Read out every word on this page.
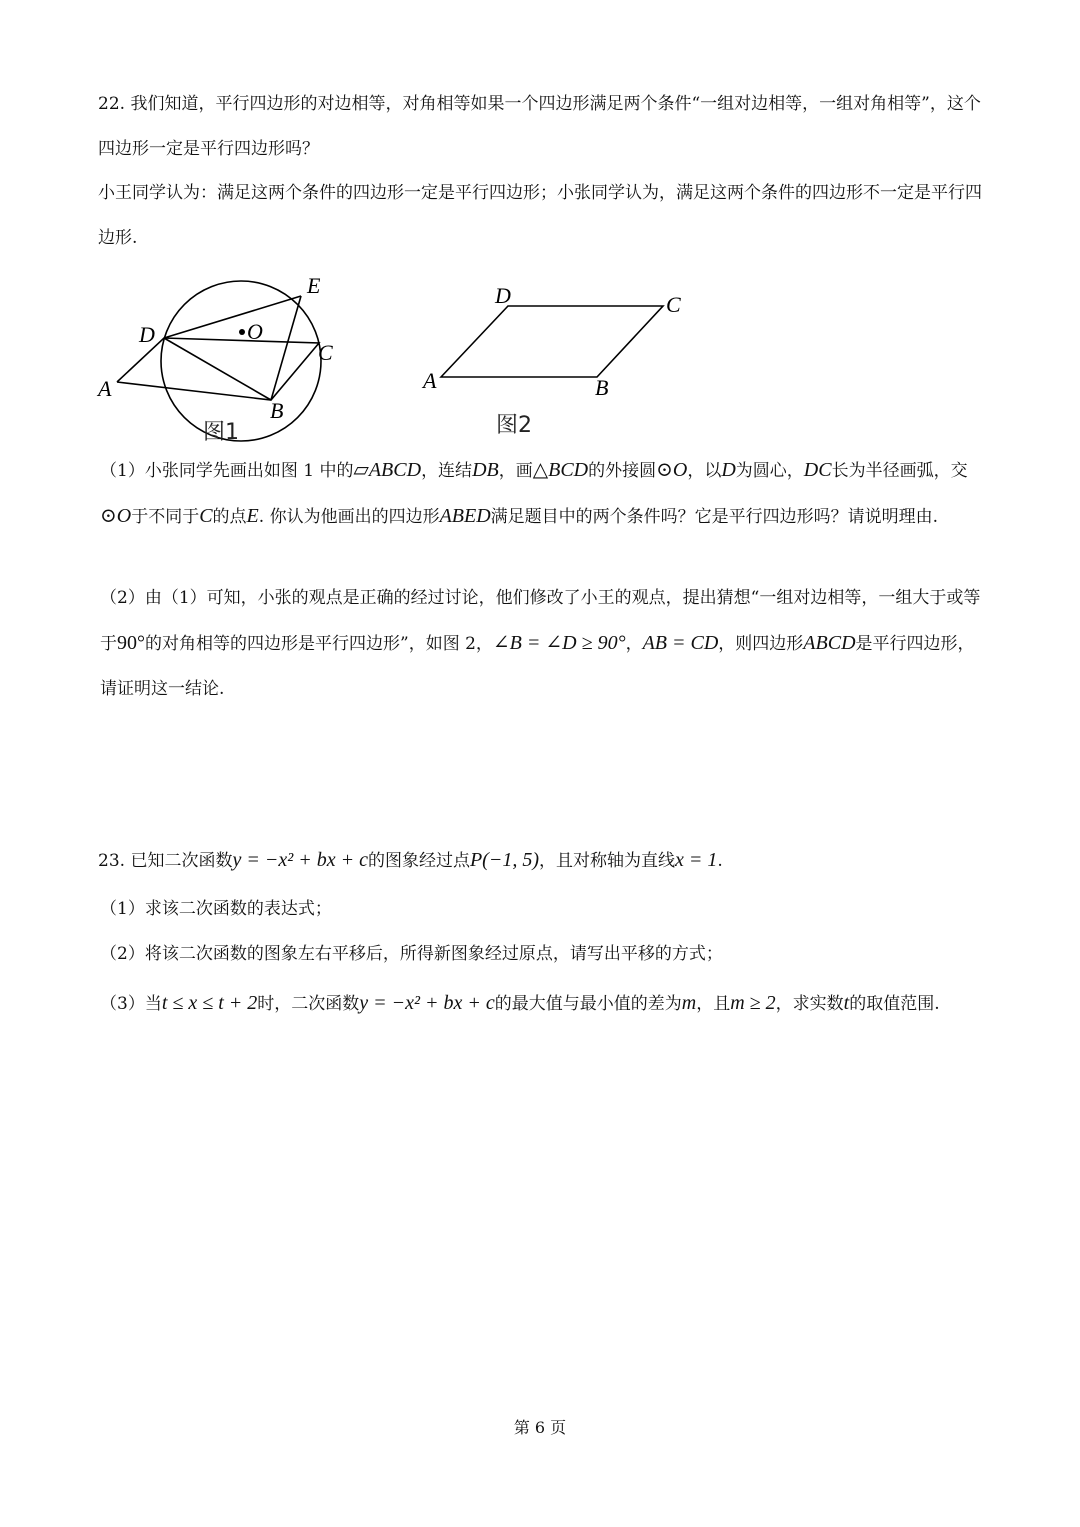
22. 我们知道，平行四边形的对边相等，对角相等如果一个四边形满足两个条件“一组对边相等，一组对角相等”，这个四边形一定是平行四边形吗？

小王同学认为：满足这两个条件的四边形一定是平行四边形；小张同学认为，满足这两个条件的四边形不一定是平行四边形.

E
O
D
C
A
B
图1
D	C
A	B
图2

（1）小张同学先画出如图 1 中的▱ABCD，连结DB，画△BCD的外接圆⊙O，以D为圆心，DC长为半径画弧，交⊙O于不同于C的点E. 你认为他画出的四边形ABED满足题目中的两个条件吗？它是平行四边形吗？请说明理由.

（2）由（1）可知，小张的观点是正确的经过讨论，他们修改了小王的观点，提出猜想“一组对边相等，一组大于或等于90°的对角相等的四边形是平行四边形”，如图 2，∠B = ∠D ≥ 90°，AB = CD，则四边形ABCD是平行四边形，请证明这一结论.

23. 已知二次函数y = −x² + bx + c的图象经过点P(−1, 5)，且对称轴为直线x = 1.

（1）求该二次函数的表达式；

（2）将该二次函数的图象左右平移后，所得新图象经过原点，请写出平移的方式；

（3）当t ≤ x ≤ t + 2时，二次函数y = −x² + bx + c的最大值与最小值的差为m，且m ≥ 2，求实数t的取值范围.

第 6 页
